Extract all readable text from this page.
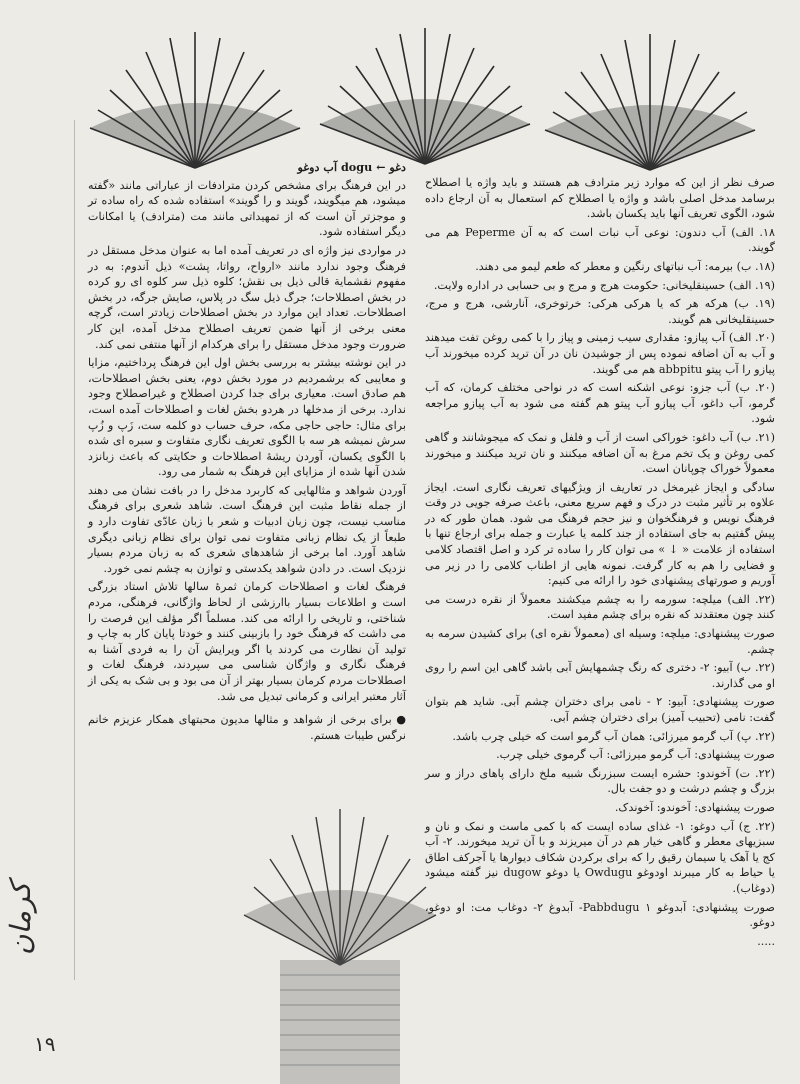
صرف نظر از این که موارد زیر مترادف هم هستند و باید واژه یا اصطلاح برسامد مدخل اصلی باشد و واژه یا اصطلاح کم استعمال به آن ارجاع داده شود، الگوی تعریف آنها باید یکسان باشد.

۱۸. الف) آب دندون: نوعی آب نبات است که به آن Peperme هم می گویند.

(۱۸. ب) بیرمه: آب نباتهای رنگین و معطر که طعم لیمو می دهند.

(۱۹. الف) حسینقلیخانی: حکومت هرج و مرج و بی حسابی در اداره ولایت.

(۱۹. ب) هرکه هر که یا هرکی هرکی: خرتوخری، آنارشی، هرج و مرج، حسینقلیخانی هم گویند.

(۲۰. الف) آب پیازو: مقداری سیب زمینی و پیاز را با کمی روغن تفت میدهند و آب به آن اضافه نموده پس از جوشیدن نان در آن ترید کرده میخورند آب پیازو را آب پیتو abbpitu هم می گویند.

(۲۰. ب) آب جزو: نوعی اشکنه است که در نواحی مختلف کرمان، که آب گرمو، آب داغو، آب پیازو آب پیتو هم گفته می شود به آب پیازو مراجعه شود.

(۲۱. ب) آب داغو: خوراکی است از آب و فلفل و نمک که میجوشانند و گاهی کمی روغن و یک تخم مرغ به آن اضافه میکنند و نان ترید میکنند و میخورند معمولاً خوراک چوپانان است.

سادگی و ایجاز غیرمخل در تعاریف از ویژگیهای تعریف نگاری است. ایجاز علاوه بر تأثیر مثبت در درک و فهم سریع معنی، باعث صرفه جویی در وقت فرهنگ نویس و فرهنگخوان و نیز حجم فرهنگ می شود. همان طور که در پیش گفتیم به جای استفاده از جند کلمه یا عبارت و جمله برای ارجاع تنها با استفاده از علامت « ↓ » می توان کار را ساده تر کرد و اصل اقتصاد کلامی و فضایی را هم به کار گرفت. نمونه هایی از اطناب کلامی را در زیر می آوریم و صورتهای پیشنهادی خود را ارائه می کنیم:

(۲۲. الف) میلچه: سورمه را به چشم میکشند معمولاً از نقره درست می کنند چون معتقدند که نقره برای چشم مفید است.

صورت پیشنهادی: میلچه: وسیله ای (معمولاً نقره ای) برای کشیدن سرمه به چشم.

(۲۲. ب) آبیو: ۲- دختری که رنگ چشمهایش آبی باشد گاهی این اسم را روی او می گذارند.

صورت پیشنهادی: آبیو: ۲ - نامی برای دختران چشم آبی. شاید هم بتوان گفت: نامی (تحبیب آمیز) برای دختران چشم آبی.

(۲۲. پ) آب گرمو میرزائی: همان آب گرمو است که خیلی چرب باشد.

صورت پیشنهادی: آب گرمو میرزائی: آب گرموی خیلی چرب.

(۲۲. ت) آخوندو: حشره ایست سبزرنگ شبیه ملخ دارای پاهای دراز و سر بزرگ و چشم درشت و دو جفت بال.

صورت پیشنهادی: آخوندو: آخوندک.

(۲۲. ج) آب دوغو: ۱- غذای ساده ایست که با کمی ماست و نمک و نان و سبزیهای معطر و گاهی خیار هم در آن میریزند و با آن ترید میخورند. ۲- آب کج یا آهک یا سیمان رقیق را که برای برکردن شکاف دیوارها یا آجرکف اطاق یا حیاط به کار میبرند اودوغو Owdugu یا دوغو dugow نیز گفته میشود (دوغاب).

صورت پیشنهادی: آبدوغو Pabbdugu ۱- آبدوغ ۲- دوغاب مت: او دوغو، دوغو.

.....

دغو ← dogu آب دوغو

در این فرهنگ برای مشخص کردن مترادفات از عباراتی مانند «گفته میشود، هم میگویند، گویند و را گویند» استفاده شده که راه ساده تر و موجزتر آن است که از تمهیداتی مانند مت (مترادف) یا امکانات دیگر استفاده شود.

در مواردی نیز واژه ای در تعریف آمده اما به عنوان مدخل مستقل در فرهنگ وجود ندارد مانند «ارواح، رواتا، پشت» ذیل آندوم: به در مفهوم نقشماية قالی ذیل بی نقش؛ کلوه ذیل سر کلوه ای رو کرده در بخش اصطلاحات؛ جرگ ذیل سگ در پلاس، صایش جرگه، در بخش اصطلاحات. تعداد این موارد در بخش اصطلاحات زیادتر است، گرچه معنی برخی از آنها ضمن تعریف اصطلاح مدخل آمده، این کار ضرورت وجود مدخل مستقل را برای هرکدام از آنها منتفی نمی کند.

در این نوشته بیشتر به بررسی بخش اول این فرهنگ پرداختیم، مزایا و معایبی که برشمردیم در مورد بخش دوم، یعنی بخش اصطلاحات، هم صادق است. معیاری برای جدا کردن اصطلاح و غیراصطلاح وجود ندارد. برخی از مدخلها در هردو بخش لغات و اصطلاحات آمده است، برای مثال: حاجی حاجی مکه، حرف حساب دو کلمه ست، زَپ و زُپ سرش نمیشه هر سه با الگوی تعریف نگاری متفاوت و سبره ای شده با الگوی یکسان، آوردن ریشهٔ اصطلاحات و حکایتی که باعث زبانزد شدن آنها شده از مزایای این فرهنگ به شمار می رود.

آوردن شواهد و مثالهایی که کاربرد مدخل را در بافت نشان می دهند از جمله نقاط مثبت این فرهنگ است. شاهد شعری برای فرهنگ مناسب نیست، چون زبان ادبیات و شعر با زبان عادّی تفاوت دارد و طبعاً از یک نظام زبانی متفاوت نمی توان برای نظام زبانی دیگری شاهد آورد. اما برخی از شاهدهای شعری که به زبان مردم بسیار نزدیک است. در دادن شواهد یکدستی و توازن به چشم نمی خورد.

فرهنگ لغات و اصطلاحات کرمان ثمرهٔ سالها تلاش استاد بزرگی است و اطلاعات بسیار باارزشی از لحاظ واژگانی، فرهنگی، مردم شناختی، و تاریخی را ارائه می کند. مسلماً اگر مؤلف این فرصت را می داشت که فرهنگ خود را بازبینی کنند و خودتا پایان کار به چاپ و تولید آن نظارت می کردند یا اگر ویرایش آن را به فردی آشنا به فرهنگ نگاری و واژگان شناسی می سپردند، فرهنگ لغات و اصطلاحات مردم کرمان بسیار بهتر از آن می بود و بی شک به یکی از آثار معتبر ایرانی و کرمانی تبدیل می شد.

● برای برخی از شواهد و مثالها مدیون محبتهای همکار عزیزم خانم نرگس طیبات هستم.

کرمان
۱۹
